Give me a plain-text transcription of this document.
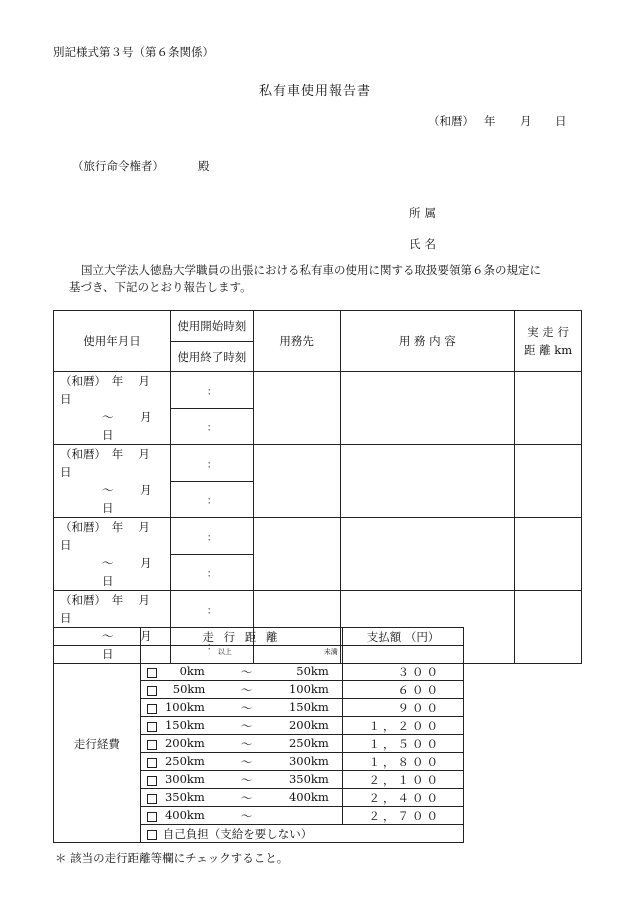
別記様式第３号（第６条関係）
私有車使用報告書
（和暦） 年 月 日
（旅行命令権者）	殿
所属
氏名
国立大学法人徳島大学職員の出張における私有車の使用に関する取扱要領第６条の規定に
基づき、下記のとおり報告します。
使用年月日	使用開始時刻	用務先	用 務 内 容	実 走 行
距 離 km
	使用終了時刻			
（和暦）　年　 月　 日
～　　 月　 日	：			
	：			
（和暦）　年　 月　 日
～　　 月　 日	：			
	：			
（和暦）　年　 月　 日
～　　 月　 日	：			
	：			
（和暦）　年　 月　 日
～　　 月　 日	：			
	：			
	走 行 距 離	支払額 （円）
走行経費	以上 未満	

	0km ～ 50km	３００

	50km ～ 100km	６００

	100km ～ 150km	９００

	150km ～ 200km	１，２００

	200km ～ 250km	１，５００

	250km ～ 300km	１，８００

	300km ～ 350km	２，１００

	350km ～ 400km	２，４００

	400km ～	２，７００
	自己負担（支給を要しない）	
＊ 該当の走行距離等欄にチェックすること。
